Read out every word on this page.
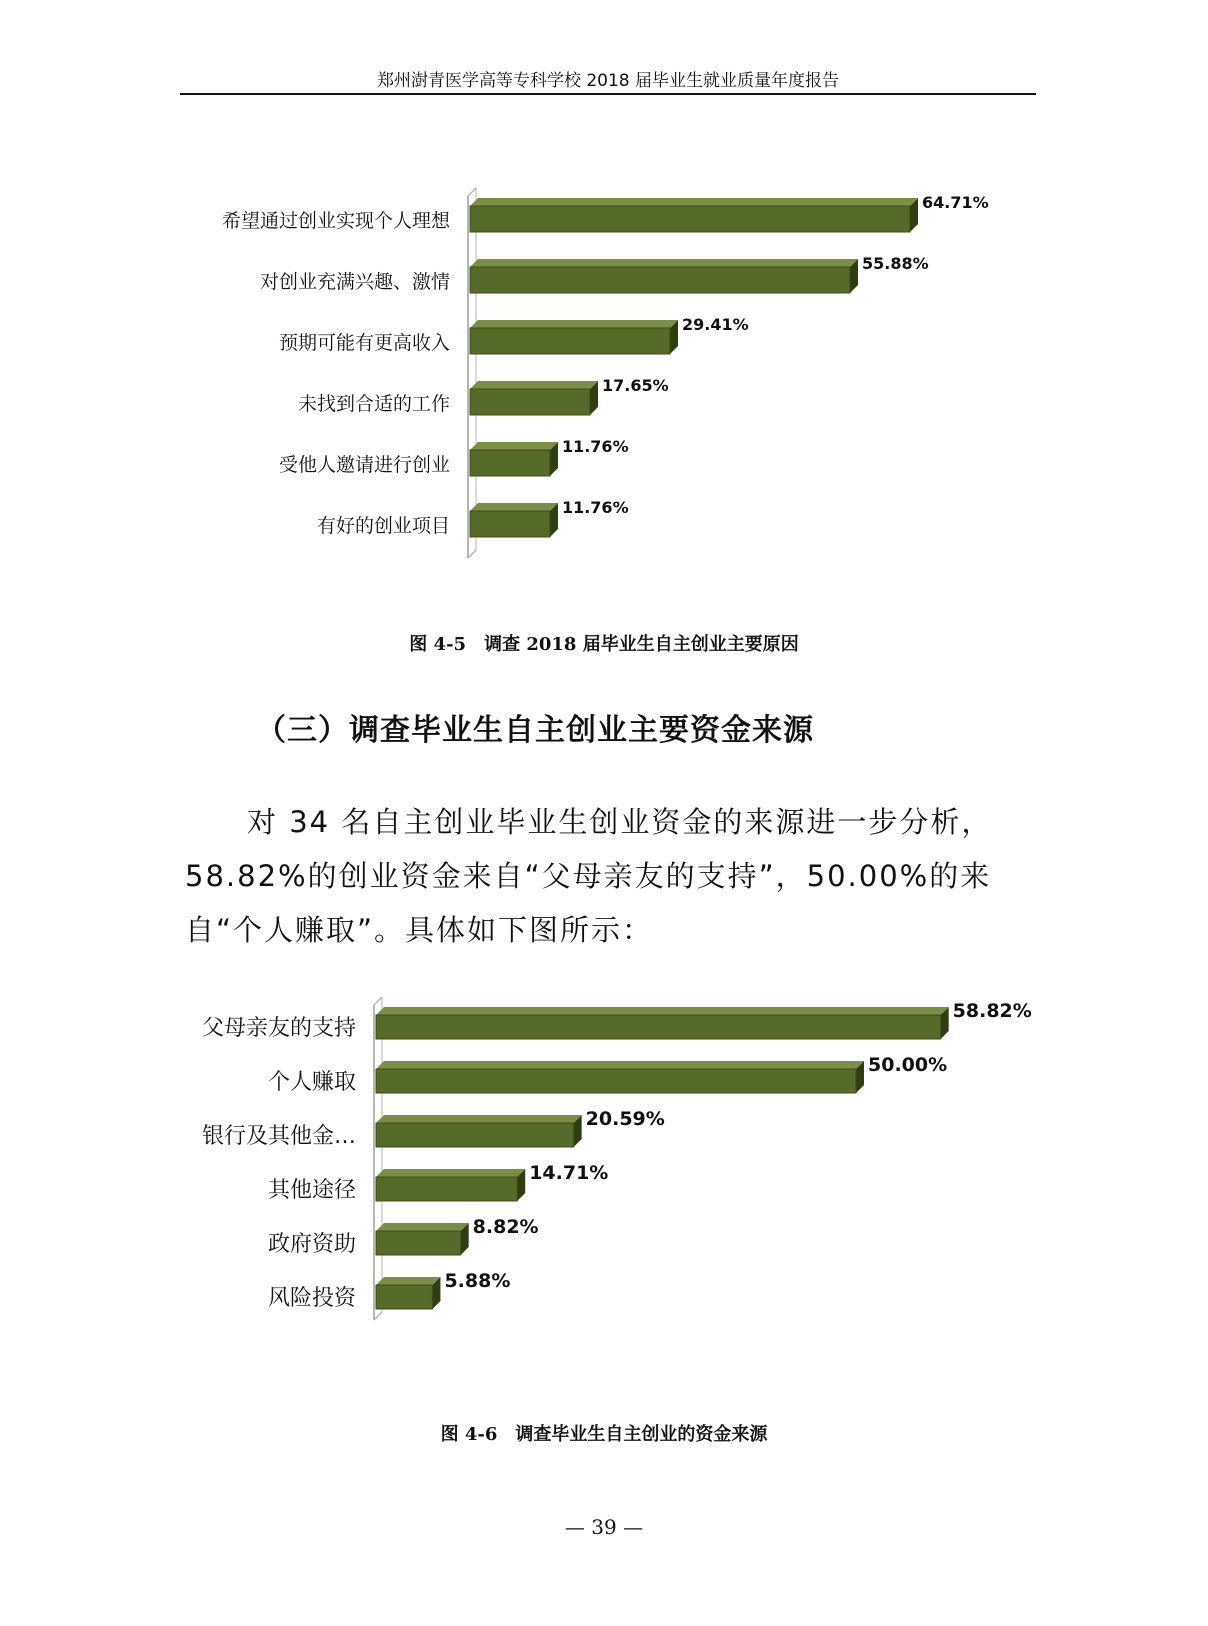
郑州澍青医学高等专科学校 2018 届毕业生就业质量年度报告
希望通过创业实现个人理想
64.71%
对创业充满兴趣、激情
55.88%
预期可能有更高收入
29.41%
未找到合适的工作
17.65%
受他人邀请进行创业
11.76%
有好的创业项目
11.76%
图 4-5　调查 2018 届毕业生自主创业主要原因
（三）调查毕业生自主创业主要资金来源
对 34 名自主创业毕业生创业资金的来源进一步分析，58.82%的创业资金来自“父母亲友的支持”，50.00%的来自“个人赚取”。具体如下图所示：
父母亲友的支持
58.82%
个人赚取
50.00%
银行及其他金…
20.59%
其他途径
14.71%
政府资助
8.82%
风险投资
5.88%
图 4-6　调查毕业生自主创业的资金来源
— 39 —
